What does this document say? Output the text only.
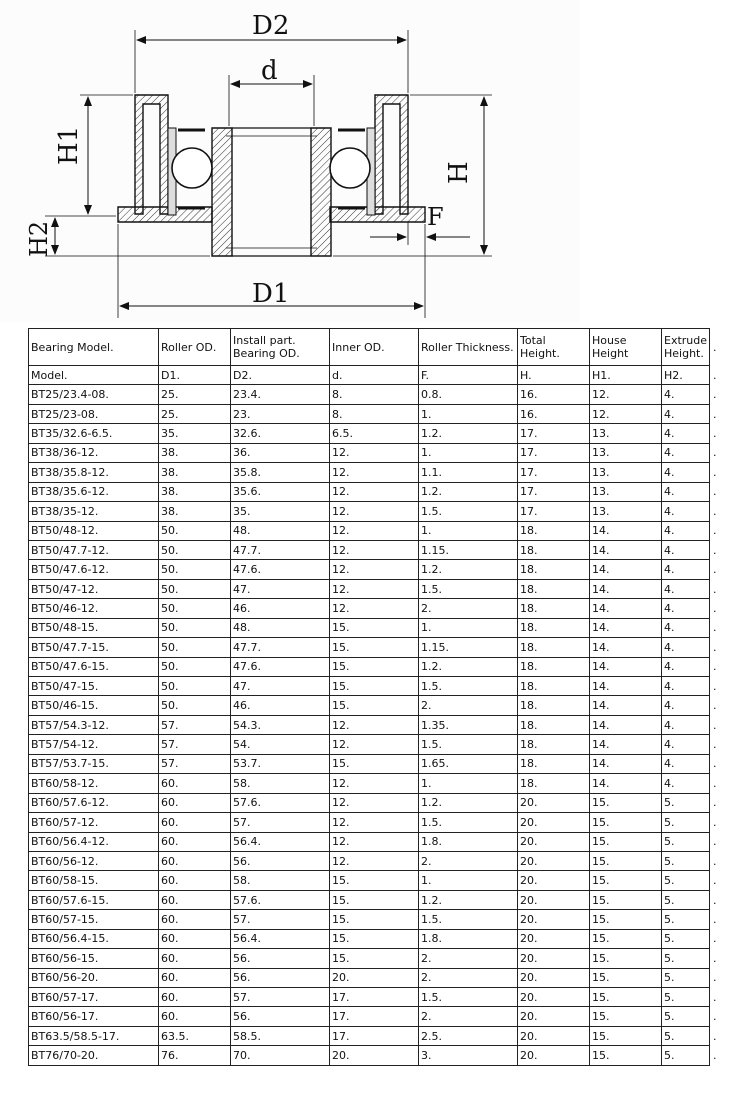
D2
d
H1
H2
H
F
D1
Bearing Model.	Roller OD.	Install part. Bearing OD.	Inner OD.	Roller Thickness.	Total Height.	House Height	Extrude Height.	.
Model.	D1.	D2.	d.	F.	H.	H1.	H2.	.
BT25/23.4-08.	25.	23.4.	8.	0.8.	16.	12.	4.	.
BT25/23-08.	25.	23.	8.	1.	16.	12.	4.	.
BT35/32.6-6.5.	35.	32.6.	6.5.	1.2.	17.	13.	4.	.
BT38/36-12.	38.	36.	12.	1.	17.	13.	4.	.
BT38/35.8-12.	38.	35.8.	12.	1.1.	17.	13.	4.	.
BT38/35.6-12.	38.	35.6.	12.	1.2.	17.	13.	4.	.
BT38/35-12.	38.	35.	12.	1.5.	17.	13.	4.	.
BT50/48-12.	50.	48.	12.	1.	18.	14.	4.	.
BT50/47.7-12.	50.	47.7.	12.	1.15.	18.	14.	4.	.
BT50/47.6-12.	50.	47.6.	12.	1.2.	18.	14.	4.	.
BT50/47-12.	50.	47.	12.	1.5.	18.	14.	4.	.
BT50/46-12.	50.	46.	12.	2.	18.	14.	4.	.
BT50/48-15.	50.	48.	15.	1.	18.	14.	4.	.
BT50/47.7-15.	50.	47.7.	15.	1.15.	18.	14.	4.	.
BT50/47.6-15.	50.	47.6.	15.	1.2.	18.	14.	4.	.
BT50/47-15.	50.	47.	15.	1.5.	18.	14.	4.	.
BT50/46-15.	50.	46.	15.	2.	18.	14.	4.	.
BT57/54.3-12.	57.	54.3.	12.	1.35.	18.	14.	4.	.
BT57/54-12.	57.	54.	12.	1.5.	18.	14.	4.	.
BT57/53.7-15.	57.	53.7.	15.	1.65.	18.	14.	4.	.
BT60/58-12.	60.	58.	12.	1.	18.	14.	4.	.
BT60/57.6-12.	60.	57.6.	12.	1.2.	20.	15.	5.	.
BT60/57-12.	60.	57.	12.	1.5.	20.	15.	5.	.
BT60/56.4-12.	60.	56.4.	12.	1.8.	20.	15.	5.	.
BT60/56-12.	60.	56.	12.	2.	20.	15.	5.	.
BT60/58-15.	60.	58.	15.	1.	20.	15.	5.	.
BT60/57.6-15.	60.	57.6.	15.	1.2.	20.	15.	5.	.
BT60/57-15.	60.	57.	15.	1.5.	20.	15.	5.	.
BT60/56.4-15.	60.	56.4.	15.	1.8.	20.	15.	5.	.
BT60/56-15.	60.	56.	15.	2.	20.	15.	5.	.
BT60/56-20.	60.	56.	20.	2.	20.	15.	5.	.
BT60/57-17.	60.	57.	17.	1.5.	20.	15.	5.	.
BT60/56-17.	60.	56.	17.	2.	20.	15.	5.	.
BT63.5/58.5-17.	63.5.	58.5.	17.	2.5.	20.	15.	5.	.
BT76/70-20.	76.	70.	20.	3.	20.	15.	5.	.
